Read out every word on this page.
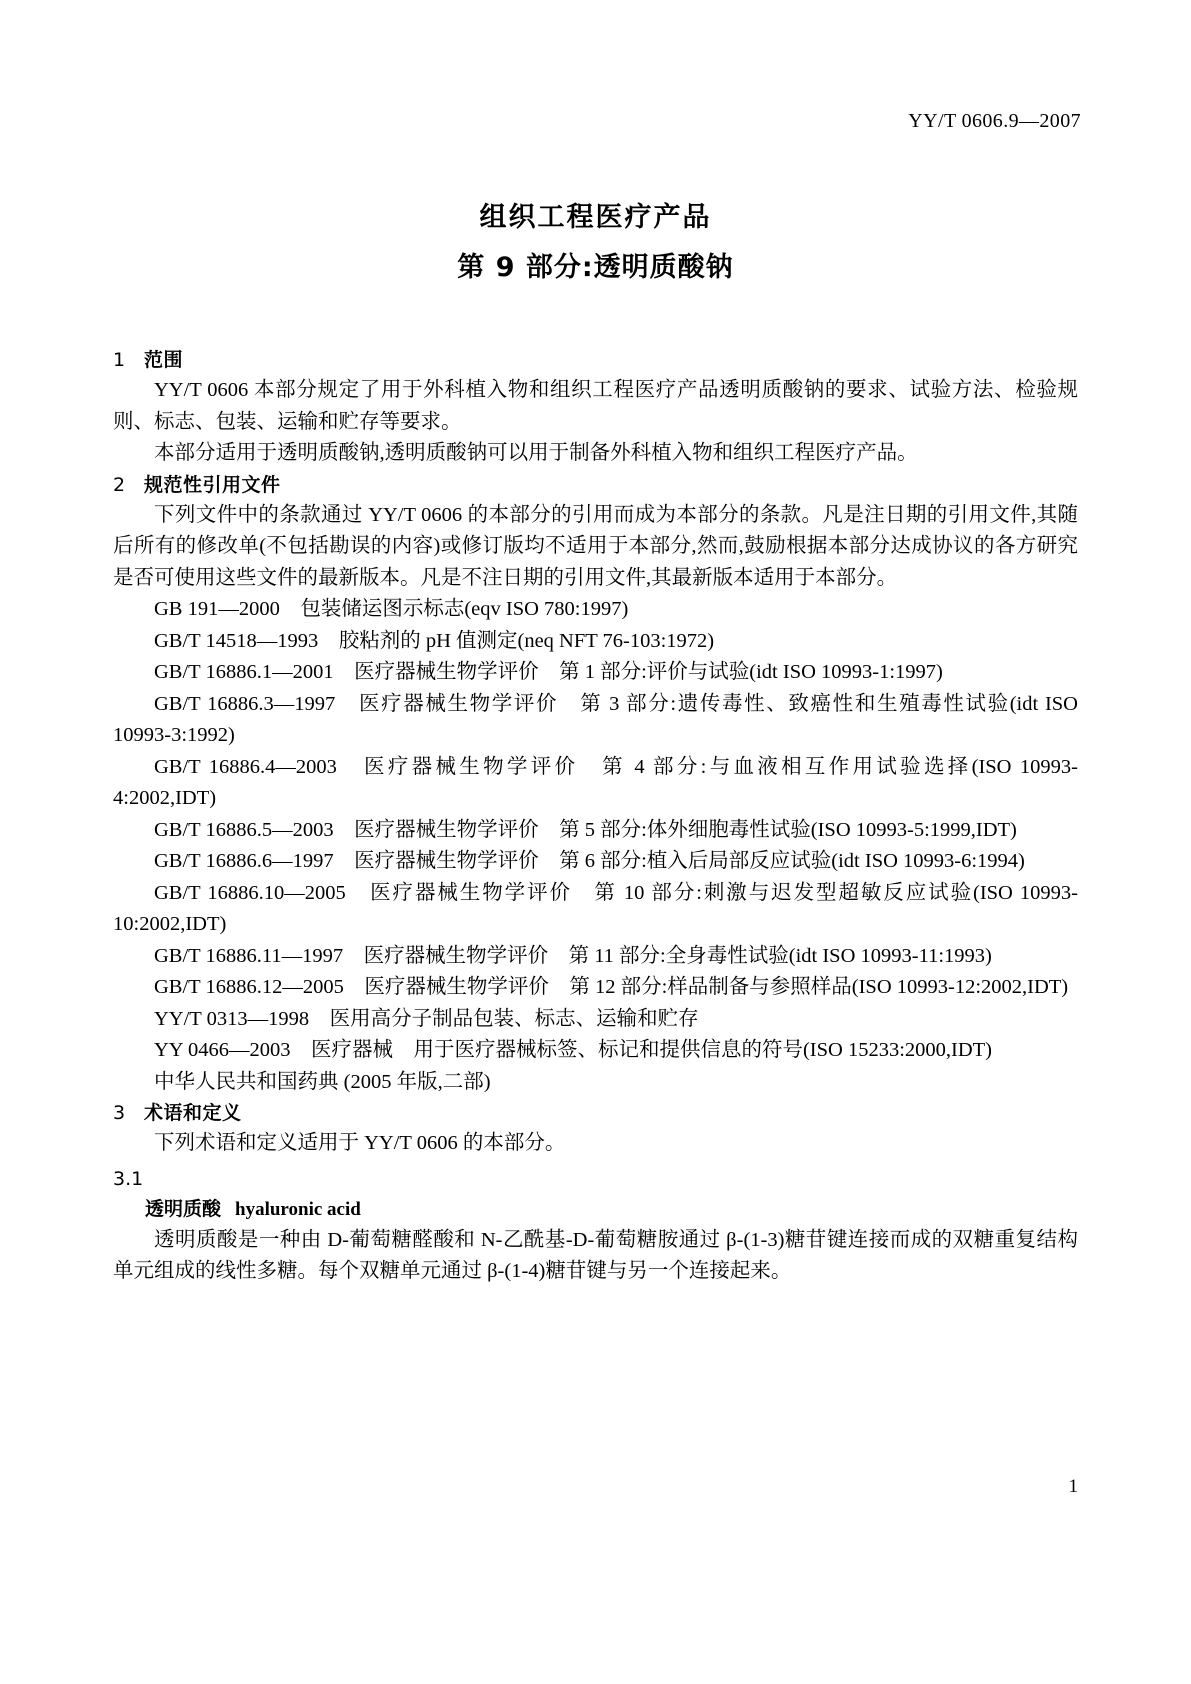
YY/T 0606.9—2007
组织工程医疗产品
第 9 部分:透明质酸钠
1 范围

YY/T 0606 本部分规定了用于外科植入物和组织工程医疗产品透明质酸钠的要求、试验方法、检验规则、标志、包装、运输和贮存等要求。

本部分适用于透明质酸钠,透明质酸钠可以用于制备外科植入物和组织工程医疗产品。

2 规范性引用文件

下列文件中的条款通过 YY/T 0606 的本部分的引用而成为本部分的条款。凡是注日期的引用文件,其随后所有的修改单(不包括勘误的内容)或修订版均不适用于本部分,然而,鼓励根据本部分达成协议的各方研究是否可使用这些文件的最新版本。凡是不注日期的引用文件,其最新版本适用于本部分。

GB 191—2000　包装储运图示标志(eqv ISO 780:1997)

GB/T 14518—1993　胶粘剂的 pH 值测定(neq NFT 76-103:1972)

GB/T 16886.1—2001　医疗器械生物学评价　第 1 部分:评价与试验(idt ISO 10993-1:1997)

GB/T 16886.3—1997　医疗器械生物学评价　第 3 部分:遗传毒性、致癌性和生殖毒性试验(idt ISO 10993-3:1992)

GB/T 16886.4—2003　医疗器械生物学评价　第 4 部分:与血液相互作用试验选择(ISO 10993-4:2002,IDT)

GB/T 16886.5—2003　医疗器械生物学评价　第 5 部分:体外细胞毒性试验(ISO 10993-5:1999,IDT)

GB/T 16886.6—1997　医疗器械生物学评价　第 6 部分:植入后局部反应试验(idt ISO 10993-6:1994)

GB/T 16886.10—2005　医疗器械生物学评价　第 10 部分:刺激与迟发型超敏反应试验(ISO 10993-10:2002,IDT)

GB/T 16886.11—1997　医疗器械生物学评价　第 11 部分:全身毒性试验(idt ISO 10993-11:1993)

GB/T 16886.12—2005　医疗器械生物学评价　第 12 部分:样品制备与参照样品(ISO 10993-12:2002,IDT)

YY/T 0313—1998　医用高分子制品包装、标志、运输和贮存

YY 0466—2003　医疗器械　用于医疗器械标签、标记和提供信息的符号(ISO 15233:2000,IDT)

中华人民共和国药典 (2005 年版,二部)

3 术语和定义

下列术语和定义适用于 YY/T 0606 的本部分。

3.1

透明质酸 hyaluronic acid

透明质酸是一种由 D-葡萄糖醛酸和 N-乙酰基-D-葡萄糖胺通过 β-(1-3)糖苷键连接而成的双糖重复结构单元组成的线性多糖。每个双糖单元通过 β-(1-4)糖苷键与另一个连接起来。

1
